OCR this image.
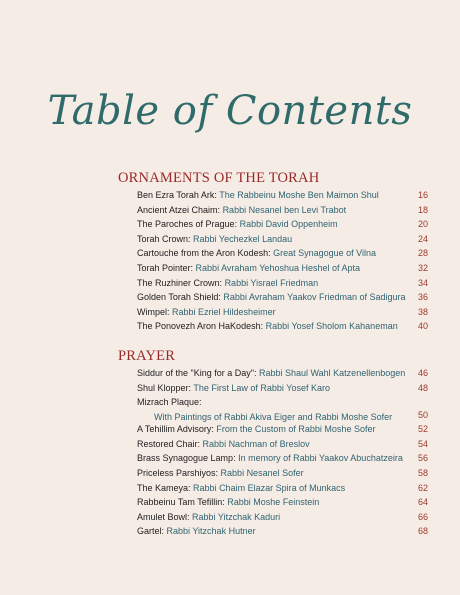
Table of Contents
ORNAMENTS OF THE TORAH
Ben Ezra Torah Ark: The Rabbeinu Moshe Ben Maimon Shul	16
Ancient Atzei Chaim: Rabbi Nesanel ben Levi Trabot	18
The Paroches of Prague: Rabbi David Oppenheim	20
Torah Crown: Rabbi Yechezkel Landau	24
Cartouche from the Aron Kodesh: Great Synagogue of Vilna	28
Torah Pointer: Rabbi Avraham Yehoshua Heshel of Apta	32
The Ruzhiner Crown: Rabbi Yisrael Friedman	34
Golden Torah Shield: Rabbi Avraham Yaakov Friedman of Sadigura 36
Wimpel: Rabbi Ezriel Hildesheimer	38
The Ponovezh Aron HaKodesh: Rabbi Yosef Sholom Kahaneman 40
PRAYER
Siddur of the "King for a Day": Rabbi Shaul Wahl Katzenellenbogen 46
Shul Klopper: The First Law of Rabbi Yosef Karo	48
Mizrach Plaque:
With Paintings of Rabbi Akiva Eiger and Rabbi Moshe Sofer	50
A Tehillim Advisory: From the Custom of Rabbi Moshe Sofer	52
Restored Chair: Rabbi Nachman of Breslov	54
Brass Synagogue Lamp: In memory of Rabbi Yaakov Abuchatzeira 56
Priceless Parshiyos: Rabbi Nesanel Sofer	58
The Kameya: Rabbi Chaim Elazar Spira of Munkacs	62
Rabbeinu Tam Tefillin: Rabbi Moshe Feinstein	64
Amulet Bowl: Rabbi Yitzchak Kaduri	66
Gartel: Rabbi Yitzchak Hutner	68
